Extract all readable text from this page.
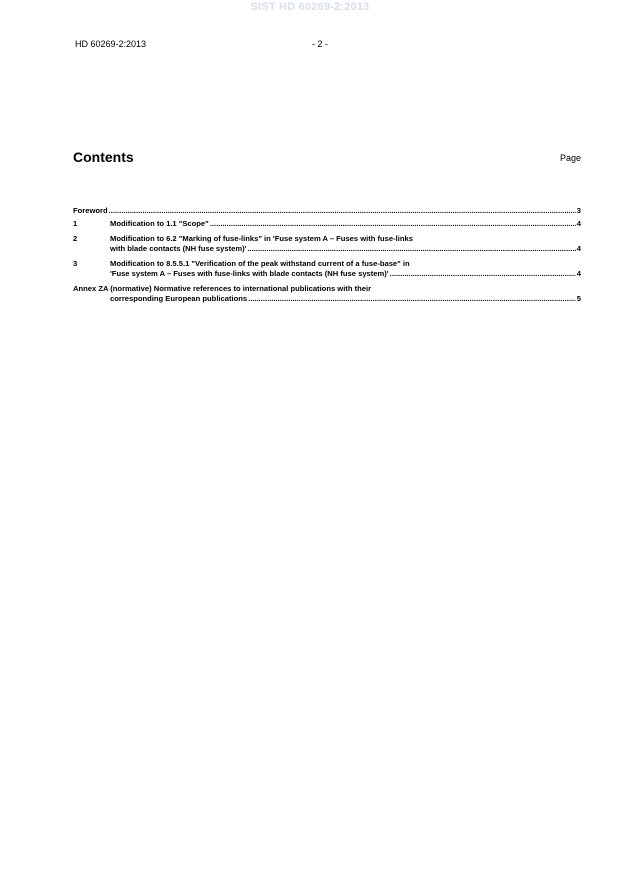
SIST HD 60269-2:2013
HD 60269-2:2013	- 2 -
Contents	Page
Foreword .....	3
1	Modification to 1.1 "Scope" .....	4
2	Modification to 6.2 "Marking of fuse-links" in 'Fuse system A – Fuses with fuse-links
with blade contacts (NH fuse system)' .....	4
3	Modification to 8.5.5.1 "Verification of the peak withstand current of a fuse-base" in
'Fuse system A – Fuses with fuse-links with blade contacts (NH fuse system)' .....	4
Annex ZA (normative) Normative references to international publications with their
corresponding European publications .....	5
